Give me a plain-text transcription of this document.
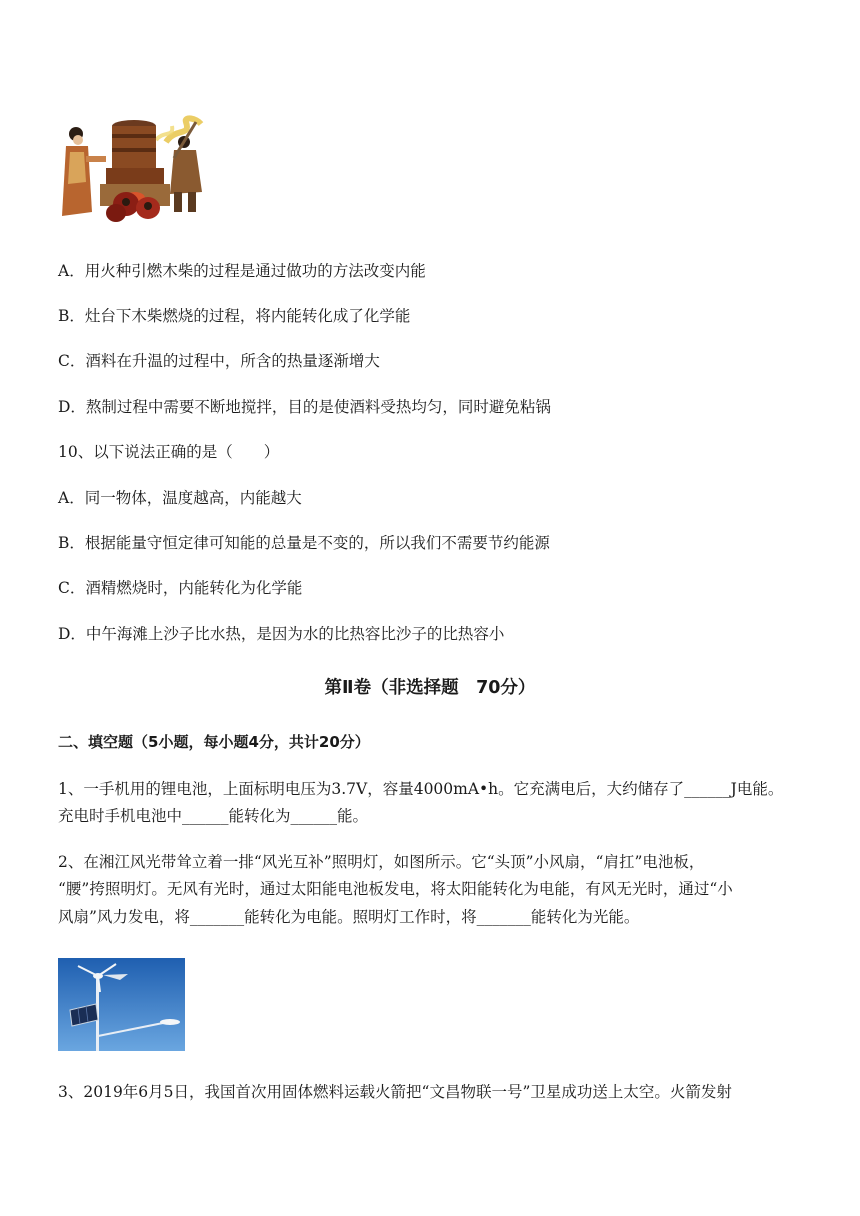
A．用火种引燃木柴的过程是通过做功的方法改变内能
B．灶台下木柴燃烧的过程，将内能转化成了化学能
C．酒料在升温的过程中，所含的热量逐渐增大
D．熬制过程中需要不断地搅拌，目的是使酒料受热均匀，同时避免粘锅
10、以下说法正确的是（　　）
A．同一物体，温度越高，内能越大
B．根据能量守恒定律可知能的总量是不变的，所以我们不需要节约能源
C．酒精燃烧时，内能转化为化学能
D．中午海滩上沙子比水热，是因为水的比热容比沙子的比热容小
第Ⅱ卷（非选择题　70分）
二、填空题（5小题，每小题4分，共计20分）
1、一手机用的锂电池，上面标明电压为3.7V，容量4000mA•h。它充满电后，大约储存了______J电能。
充电时手机电池中______能转化为______能。
2、在湘江风光带耸立着一排“风光互补”照明灯，如图所示。它“头顶”小风扇，“肩扛”电池板，
“腰”挎照明灯。无风有光时，通过太阳能电池板发电，将太阳能转化为电能，有风无光时，通过“小
风扇”风力发电，将_______能转化为电能。照明灯工作时，将_______能转化为光能。
3、2019年6月5日，我国首次用固体燃料运载火箭把“文昌物联一号”卫星成功送上太空。火箭发射
